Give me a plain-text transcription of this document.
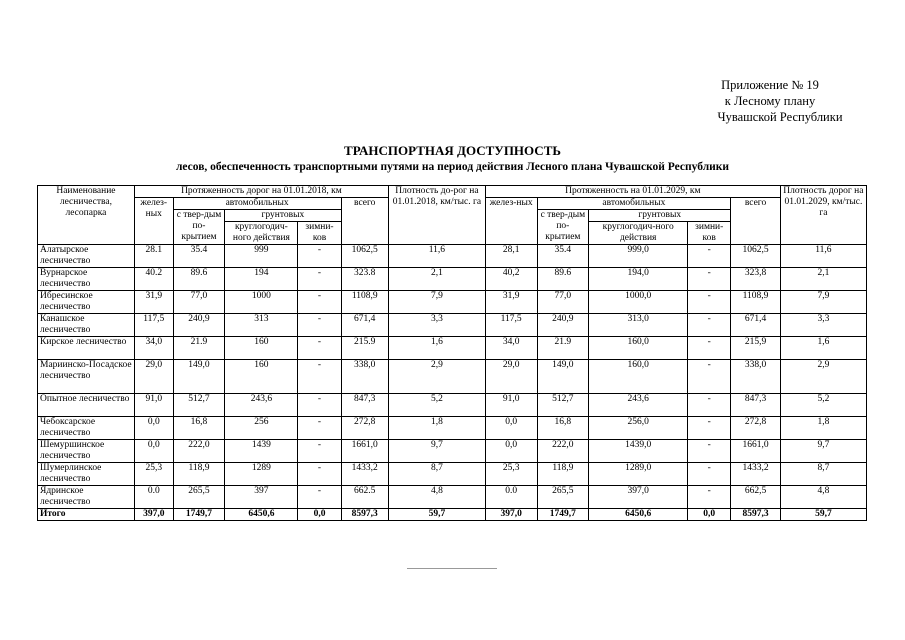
Приложение № 19
к Лесному плану
Чувашской Республики
ТРАНСПОРТНАЯ ДОСТУПНОСТЬ
лесов, обеспеченность транспортными путями на период действия Лесного плана Чувашской Республики
Наименование лесничества, лесопарка	Протяженность дорог на 01.01.2018, км					Плотность до-рог на 01.01.2018, км/тыс. га	Протяженность на 01.01.2029, км					Плотность дорог на 01.01.2029, км/тыс. га
	желез-ных	автомобильных			всего		желез-ных	автомобильных			всего	
		с твер-дым по-крытием	грунтовых					с твер-дым по-крытием	грунтовых			
			круглогодич-ного действия	зимни-ков					круглогодич-ного действия	зимни-ков		
Алатырское лесничество	28.1	35.4	999	-	1062,5	11,6	28,1	35.4	999,0	-	1062,5	11,6
Вурнарское лесничество	40.2	89.6	194	-	323.8	2,1	40,2	89.6	194,0	-	323,8	2,1
Ибресинское лесничество	31,9	77,0	1000	-	1108,9	7,9	31,9	77,0	1000,0	-	1108,9	7,9
Канашское лесничество	117,5	240,9	313	-	671,4	3,3	117,5	240,9	313,0	-	671,4	3,3
Кирское лесничество	34,0	21.9	160	-	215.9	1,6	34,0	21.9	160,0	-	215,9	1,6
Мариинско-Посадское лесничество	29,0	149,0	160	-	338,0	2,9	29,0	149,0	160,0	-	338,0	2,9
Опытное лесничество	91,0	512,7	243,6	-	847,3	5,2	91,0	512,7	243,6	-	847,3	5,2
Чебоксарское лесничество	0,0	16,8	256	-	272,8	1,8	0,0	16,8	256,0	-	272,8	1,8
Шемуршинское лесничество	0,0	222,0	1439	-	1661,0	9,7	0,0	222,0	1439,0	-	1661,0	9,7
Шумерлинское лесничество	25,3	118,9	1289	-	1433,2	8,7	25,3	118,9	1289,0	-	1433,2	8,7
Ядринское лесничество	0.0	265,5	397	-	662.5	4,8	0.0	265,5	397,0	-	662,5	4,8
Итого	397,0	1749,7	6450,6	0,0	8597,3	59,7	397,0	1749,7	6450,6	0,0	8597,3	59,7
